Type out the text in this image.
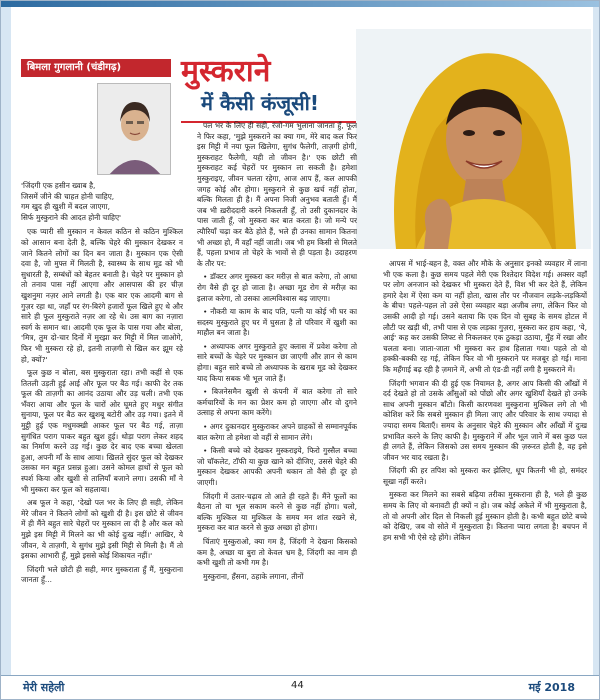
बिमला गुगलानी (चंडीगढ़)	मुस्कराने
में कैसी कंजूसी!
'जिंदगी एक हसीन ख्वाब है,
जिसमें जीने की चाहत होनी चाहिए,
गम खुद ही खुशी में बदल जाएगा,
सिर्फ मुस्कुराने की आदत होनी चाहिए'

एक प्यारी सी मुस्कान न केवल कठिन से कठिन मुश्किल को आसान बना देती है, बल्कि चेहरे की मुस्कान देखकर न जाने कितने लोगों का दिन बन जाता है। मुस्कान एक ऐसी दवा है, जो मुफ्त में मिलती है, स्वास्थ्य के साथ मूड को भी सुधारती है, सम्बंधों को बेहतर बनाती है। चेहरे पर मुस्कान हो तो तनाव पास नहीं आएगा और आसपास की हर चीज़ खुशनुमा नज़र आने लगती है। एक बार एक आदमी बाग से गुज़र रहा था, जहाँ पर रंग-बिरंगे हजारों फूल खिले हुए थे और सारे ही फूल मुस्कुराते नज़र आ रहे थे। उस बाग का नज़ारा स्वर्ग के समान था। आदमी एक फूल के पास गया और बोला, 'मित्र, तुम दो-चार दिनों में मुरझा कर मिट्टी में मिल जाओगे, फिर भी मुस्करा रहे हो, इतनी ताज़गी से खिल कर झूम रहे हो, क्यों?'

फूल कुछ न बोला, बस मुस्कुराता रहा। तभी कहीं से एक तितली उड़ती हुई आई और फूल पर बैठ गई। काफी देर तक फूल की ताज़गी का आनंद उठाया और उड़ चली। तभी एक भँवरा आया और फूल के चारों ओर घूमते हुए मधुर संगीत सुनाया, फूल पर बैठ कर खुशबू बटोरी और उड़ गया। इतने में मुट्ठी हुई एक मधुमक्खी आकर फूल पर बैठ गई, ताज़ा सुगंधित पराग पाकर बहुत खुश हुई। थोड़ा पराग लेकर शहद का निर्माण करने उड़ गई। कुछ देर बाद एक बच्चा खेलता हुआ, अपनी माँ के साथ आया। खिलते सुंदर फूल को देखकर उसका मन बहुत प्रसन्न हुआ। उसने कोमल हाथों से फूल को स्पर्श किया और खुशी से तालियाँ बजाने लगा। उसकी माँ ने भी मुस्करा कर फूल को सहलाया।

अब फूल ने कहा, 'देखो पल भर के लिए ही सही, लेकिन मेरे जीवन ने कितने लोगों को खुशी दी है। इस छोटे से जीवन में ही मैंने बहुत सारे चेहरों पर मुस्कान ला दी है और कल को मुझे इस मिट्टी में मिलने का भी कोई दुःख नहीं।' आखिर, ये जीवन, ये ताज़गी, ये सुगंध मुझे इसी मिट्टी से मिली है। मैं तो इसका आभारी हूँ, मुझे इससे कोई शिकायत नहीं।'

जिंदगी भले छोटी ही सही, मगर मुस्कराता हुँ मैं, मुस्कुराना जानता हुँ...

पल भर के लिए ही सही, रंजो-गम भुलाना जानता हुँ, फूल ने फिर कहा, 'मुझे मुस्कराने का क्या गम, मेरे बाद कल फिर इस मिट्टी में नया फूल खिलेगा, सुगंध फैलेगी, ताज़गी होगी, मुस्कराहट फैलेगी, यही तो जीवन है।' एक छोटी सी मुस्कराहट कई चेहरों पर मुस्कान ला सकती है। हमेशा मुस्कुराइए, जीवन चलता रहेगा, आज आप हैं, कल आपकी जगह कोई और होगा। मुस्कुराने से कुछ खर्च नहीं होता, बल्कि मिलता ही है। मैं अपना निजी अनुभव बताती हुँ। मैं जब भी ख़रीददारी करने निकलती हूँ, तो उसी दुकानदार के पास जाती हूँ, जो मुस्करा कर बात करता है। जो मन्ये पर त्यौरियाँ चढ़ा कर बैठे होते हैं, भले ही उनका सामान कितना भी अच्छा हो, मैं वहाँ नहीं जाती। जब भी हम किसी से मिलते हैं, पहला प्रभाव तो चेहरे के भावों से ही पड़ता है। उदाहरण के तौर पर:

• डॉक्टर अगर मुस्करा कर मरीज़ से बात करेगा, तो आधा रोग वैसे ही दूर हो जाता है। अच्छा मूड रोग से मरीज़ का इलाज करेगा, तो उसका आत्मविश्वास बढ़ जाएगा।

• नौकरी या काम के बाद पति, पत्नी या कोई भी घर का सदस्य मुस्कुराते हुए घर में घुसता है तो परिवार में खुशी का माहौल बन जाता है।

• अध्यापक अगर मुस्कुराते हुए क्लास में प्रवेश करेगा तो सारे बच्चों के चेहरे पर मुस्कान छा जाएगी और ज्ञान से काम होगा। बहुत सारे बच्चे तो अध्यापक के खराब मूड को देखकर याद किया सबक भी भूल जाते हैं।

• बिजनेसमैन खुशी से कंपनी में बात करेगा तो सारे कर्मचारियों के मन का प्रेशर कम हो जाएगा और वो दुगने उत्साह से अपना काम करेंगे।

• अगर दुकानदार मुस्कुराकर अपने ग्राहकों से सम्मानपूर्वक बात करेगा तो हमेशा वो वहीं से सामान लेंगे।

• किसी बच्चे को देखकर मुस्कराइये, फिरो गुस्सैल बच्चा जो चॉकलेट, टॉफी या कुछ खाने को दीजिए, उससे चेहरे की मुस्कान देखकर आपकी अपनी थकान तो वैसे ही दूर हो जाएगी।

जिंदगी में उतार-चढ़ाव तो आते ही रहते हैं। मैंने फूलों का बैठना तो या भूल सकाम करने से कुछ नहीं होगा। चलो, बल्कि मुश्किल या मुश्किल के समय मन शांत रखने से, मुस्करा कर बात करने से कुछ अच्छा हो होगा।

चिंताएं मुस्कुराओ, क्या गम है, जिंदगी ने देखना किसको कम है, अच्छा या बुरा तो केवल भ्रम है, जिंदगी का नाम ही कभी खुशी तो कभी गम है।

मुस्कुराना, हँसना, ठहाके लगाना, तीनों

आपस में भाई-बहन है, वक्त और मौके के अनुसार इनको व्यवहार में लाना भी एक कला है। कुछ समय पहले मेरी एक रिश्तेदार विदेश गई। अक्सर वहाँ पर लोग अनजान को देखकर भी मुस्करा देते हैं, विश भी कर देते हैं, लेकिन हमारे देश में ऐसा कम या नहीं होता, खास तौर पर नौजवान लड़के-लड़कियों के बीच! पहले-पहल तो उसे ऐसा व्यवहार बड़ा अजीब लगा, लेकिन फिर वो उसकी आदी हो गई। उसने बताया कि एक दिन वो सुबह के समय होटल में लौटी पर खड़ी थी, तभी पास से एक लड़का गुज़रा, मुस्करा कर हाय कहा, 'ये, आई' कह कर उसकी लिफ्ट से निकलकर एक ठुकड़ा उठाया, मुँह में रखा और चलता बना। जाता-जाता भी मुस्करा कर हाथ हिलाता गया। पहले तो वो हक्की-बक्की रह गई, लेकिन फिर वो भी मुस्कराने पर मजबूर हो गई। माना कि महँगाई बढ़ रही है ज़माने में, अभी तो एंड-डी नहीं लगी है मुस्कराने में।

जिंदगी भगवान की दी हुई एक नियामत है, अगर आप किसी की आँखों में दर्द देखते हो तो उसके आँसुओं को पोंछो और अगर खुशियाँ देखते हो उनके साथ अपनी मुस्कान बाँटो। किसी कारणवश मुस्कुराना मुश्किल लगे तो भी कोशिश करें कि सबसे मुस्कान ही मिला जाए और परिवार के साथ ज्यादा से ज्यादा समय बिताएँ। समय के अनुसार चेहरे की मुस्कान और आँखों में दुःख प्रभावित करने के लिए काफी है। मुस्कुराने में और भूल जाने में बस कुछ पल ही लगते हैं, लेकिन जिसको उस समय मुस्कान की ज़रूरत होती है, वह इसे जीवन भर याद रखता है।

जिंदगी की हर तपिश को मुस्करा कर झेलिए, धूप कितनी भी हो, समंदर सूखा नहीं करते।

मुस्करा कर मिलने का सबसे बढ़िया तरीका मुस्कराना ही है, भले ही कुछ समय के लिए वो बनावटी ही क्यों न हो। जब कोई अकेले में भी मुस्कुराता है, तो वो अपनी ओर दिल से निकली हुई मुस्कान होती है। कभी बहुत छोटे बच्चे को देखिए, जब वो सोते में मुस्कुराता है। कितना प्यारा लगता है! बचपन में हम सभी भी ऐसे रहे होंगे। लेकिन

मेरी सहेली	44	मई 2018
